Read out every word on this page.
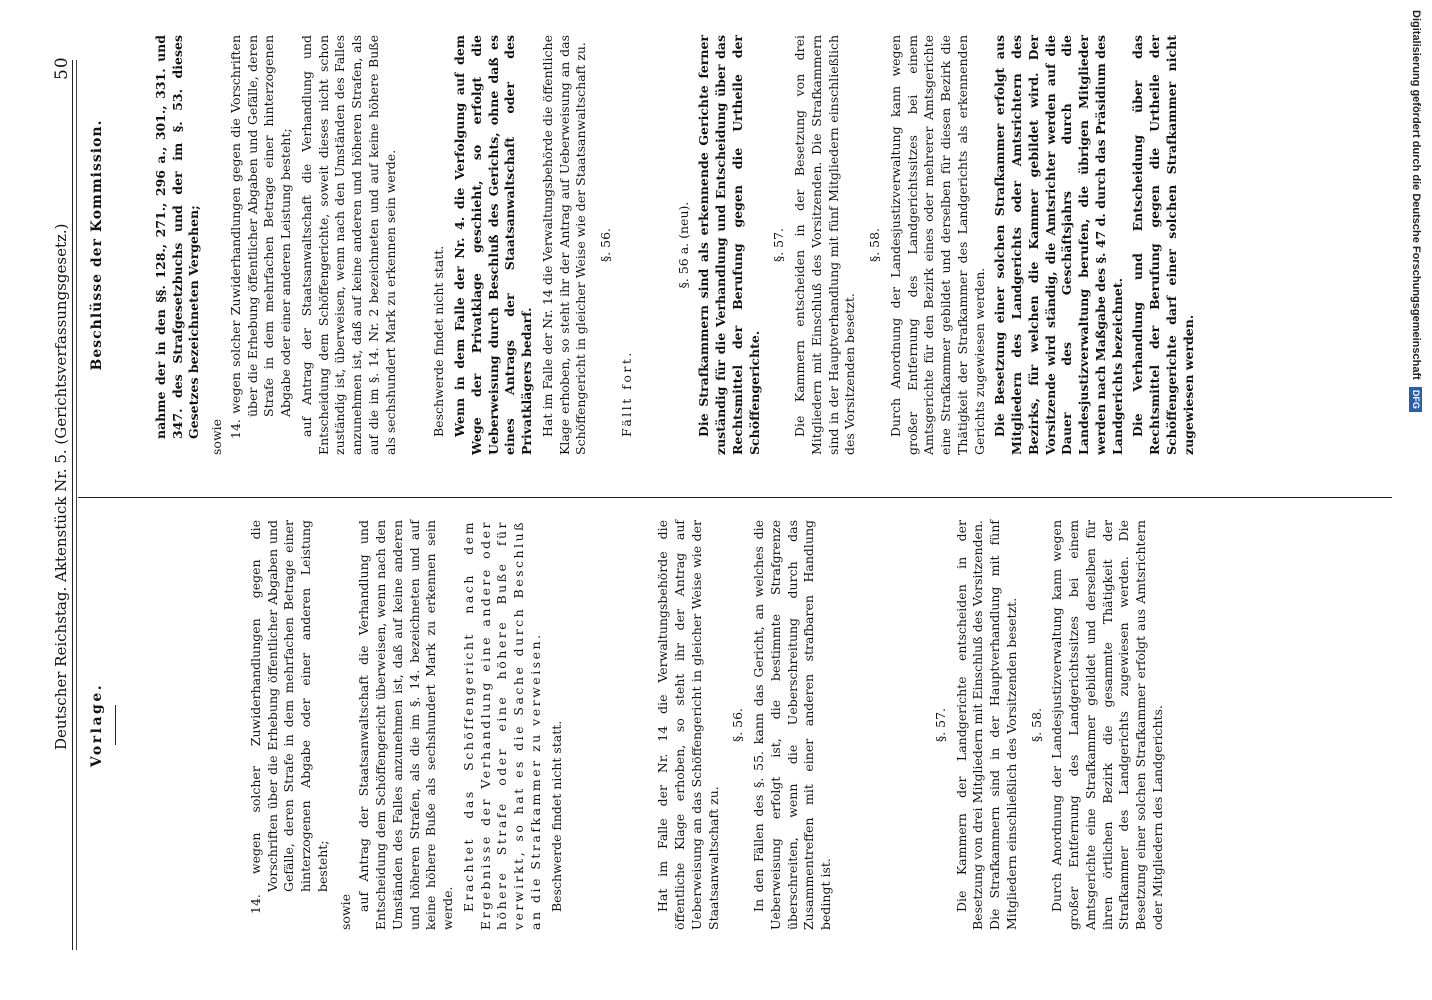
50
Deutscher Reichstag. Aktenstück Nr. 5. (Gerichtsverfassungsgesetz.) Vorlage.	14. wegen solcher Zuwiderhandlungen gegen die Vorschriften über die Erhebung öffentlicher Abgaben und Gefälle, deren Strafe in dem mehrfachen Betrage einer hinterzogenen Abgabe oder einer anderen Leistung besteht;

sowie auf Antrag der Staatsanwaltschaft die Verhandlung und Entscheidung dem Schöffengericht überweisen, wenn nach den Umständen des Falles anzunehmen ist, daß auf keine anderen und höheren Strafen, als die im §. 14. bezeichneten und auf keine höhere Buße als sechshundert Mark zu erkennen sein werde. Erachtet das Schöffengericht nach dem Ergebnisse der Verhandlung eine andere oder höhere Strafe oder eine höhere Buße für verwirkt, so hat es die Sache durch Beschluß an die Strafkammer zu verweisen. Beschwerde findet nicht statt.	Hat im Falle der Nr. 14 die Verwaltungsbehörde die öffentliche Klage erhoben, so steht ihr der Antrag auf Ueberweisung an das Schöffengericht in gleicher Weise wie der Staatsanwaltschaft zu.

§. 56. In den Fällen des §. 55. kann das Gericht, an welches die Ueberweisung erfolgt ist, die bestimmte Strafgrenze überschreiten, wenn die Ueberschreitung durch das Zusammentreffen mit einer anderen strafbaren Handlung bedingt ist.

§. 57. Die Kammern der Landgerichte entscheiden in der Besetzung von drei Mitgliedern mit Einschluß des Vorsitzenden. Die Strafkammern sind in der Hauptverhandlung mit fünf Mitgliedern einschließlich des Vorsitzenden besetzt. §. 58. Durch Anordnung der Landesjustizverwaltung kann wegen großer Entfernung des Landgerichtssitzes bei einem Amtsgerichte eine Strafkammer gebildet und derselben für ihren örtlichen Bezirk die gesammte Thätigkeit der Strafkammer des Landgerichts zugewiesen werden. Die Besetzung einer solchen Strafkammer erfolgt aus Amtsrichtern oder Mitgliedern des Landgerichts.

Beschlüsse der Kommission.	nahme der in den §§. 128., 271., 296 a., 301., 331. und 347. des Strafgesetzbuchs und der im §. 53. dieses Gesetzes bezeichneten Vergehen; sowie 14. wegen solcher Zuwiderhandlungen gegen die Vorschriften über die Erhebung öffentlicher Abgaben und Gefälle, deren Strafe in dem mehrfachen Betrage einer hinterzogenen Abgabe oder einer anderen Leistung besteht; auf Antrag der Staatsanwaltschaft die Verhandlung und Entscheidung dem Schöffengerichte, soweit dieses nicht schon zuständig ist, überweisen, wenn nach den Umständen des Falles anzunehmen ist, daß auf keine anderen und höheren Strafen, als auf die im §. 14. Nr. 2 bezeichneten und auf keine höhere Buße als sechshundert Mark zu erkennen sein werde.	Beschwerde findet nicht statt. Wenn in dem Falle der Nr. 4. die Verfolgung auf dem Wege der Privatklage geschieht, so erfolgt die Ueberweisung durch Beschluß des Gerichts, ohne daß es eines Antrags der Staatsanwaltschaft oder des Privatklägers bedarf. Hat im Falle der Nr. 14 die Verwaltungsbehörde die öffentliche Klage erhoben, so steht ihr der Antrag auf Ueberweisung an das Schöffengericht in gleicher Weise wie der Staatsanwaltschaft zu. §. 56.

Fällt fort.

§. 56 a. (neu). Die Strafkammern sind als erkennende Gerichte ferner zuständig für die Verhandlung und Entscheidung über das Rechtsmittel der Berufung gegen die Urtheile der Schöffengerichte.

§. 57. Die Kammern entscheiden in der Besetzung von drei Mitgliedern mit Einschluß des Vorsitzenden. Die Strafkammern sind in der Hauptverhandlung mit fünf Mitgliedern einschließlich des Vorsitzenden besetzt.

§. 58. Durch Anordnung der Landesjustizverwaltung kann wegen großer Entfernung des Landgerichtssitzes bei einem Amtsgerichte für den Bezirk eines oder mehrerer Amtsgerichte eine Strafkammer gebildet und derselben für diesen Bezirk die Thätigkeit der Strafkammer des Landgerichts als erkennenden Gerichts zugewiesen werden. Die Besetzung einer solchen Strafkammer erfolgt aus Mitgliedern des Landgerichts oder Amtsrichtern des Bezirks, für welchen die Kammer gebildet wird. Der Vorsitzende wird ständig, die Amtsrichter werden auf die Dauer des Geschäftsjahrs durch die Landesjustizverwaltung berufen, die übrigen Mitglieder werden nach Maßgabe des §. 47 d. durch das Präsidium des Landgerichts bezeichnet. Die Verhandlung und Entscheidung über das Rechtsmittel der Berufung gegen die Urtheile der Schöffengerichte darf einer solchen Strafkammer nicht zugewiesen werden.

Digitalisierung gefördert durch die Deutsche Forschungsgemeinschaft DFG
